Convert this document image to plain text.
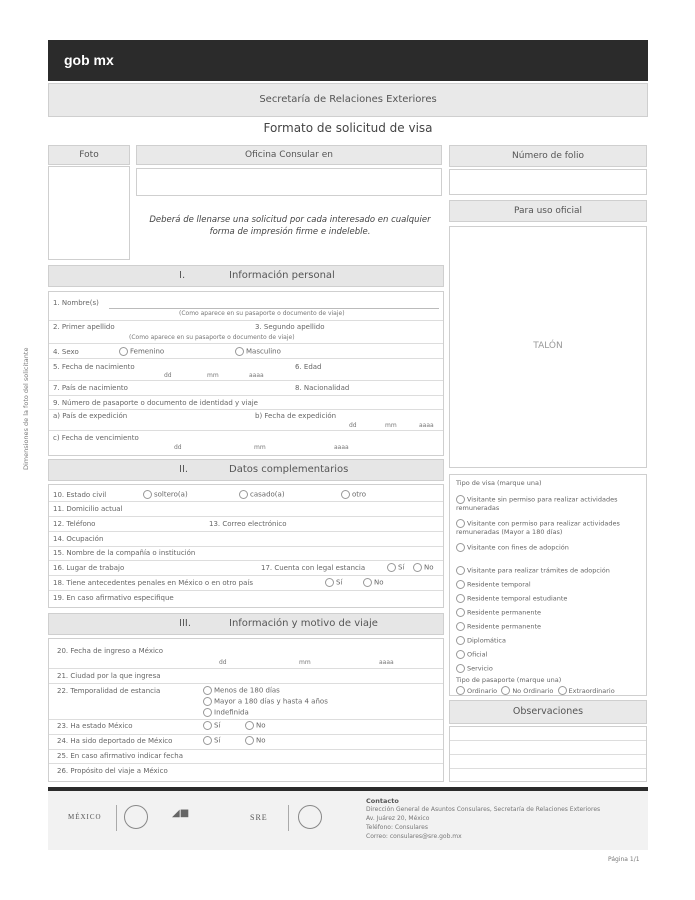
gob mx
Secretaría de Relaciones Exteriores
Formato de solicitud de visa
Foto	Oficina Consular en
Deberá de llenarse una solicitud por cada interesado en cualquier forma de impresión firme e indeleble.
Número de folio
Para uso oficial
TALÓN
Dimensiones de la foto del solicitante
I.	Información personal
1. Nombre(s)
(Como aparece en su pasaporte o documento de viaje)
2. Primer apellido	3. Segundo apellido
(Como aparece en su pasaporte o documento de viaje)
4. Sexo	Femenino	Masculino
5. Fecha de nacimiento
dd	mm	aaaa
6. Edad
7. País de nacimiento	8. Nacionalidad
9. Número de pasaporte o documento de identidad y viaje
a) País de expedición	b) Fecha de expedición
dd	mm	aaaa
c) Fecha de vencimiento
dd	mm	aaaa
II.	Datos complementarios
10. Estado civil	soltero(a)	casado(a)	otro
11. Domicilio actual
12. Teléfono	13. Correo electrónico
14. Ocupación
15. Nombre de la compañía o institución
16. Lugar de trabajo	17. Cuenta con legal estancia	Sí	No
18. Tiene antecedentes penales en México o en otro país	Sí	No
19. En caso afirmativo especifique
III.	Información y motivo de viaje
20. Fecha de ingreso a México
dd	mm	aaaa
21. Ciudad por la que ingresa
22. Temporalidad de estancia	Menos de 180 días
Mayor a 180 días y hasta 4 años
Indefinida
23. Ha estado México	Sí	No
24. Ha sido deportado de México	Sí	No
25. En caso afirmativo indicar fecha
26. Propósito del viaje a México
Tipo de visa (marque una)
Visitante sin permiso para realizar actividades remuneradas
Visitante con permiso para realizar actividades remuneradas (Mayor a 180 días)
Visitante con fines de adopción
Visitante para realizar trámites de adopción
Residente temporal
Residente temporal estudiante
Residente permanente
Residente permanente
Diplomática
Oficial
Servicio
Tipo de pasaporte (marque una)
Ordinario No Ordinario Extraordinario
Observaciones
MÉXICO	◢■	SRE
Contacto
Dirección General de Asuntos Consulares, Secretaría de Relaciones Exteriores
Av. Juárez 20, México
Teléfono: Consulares
Correo: consulares@sre.gob.mx
Página 1/1
